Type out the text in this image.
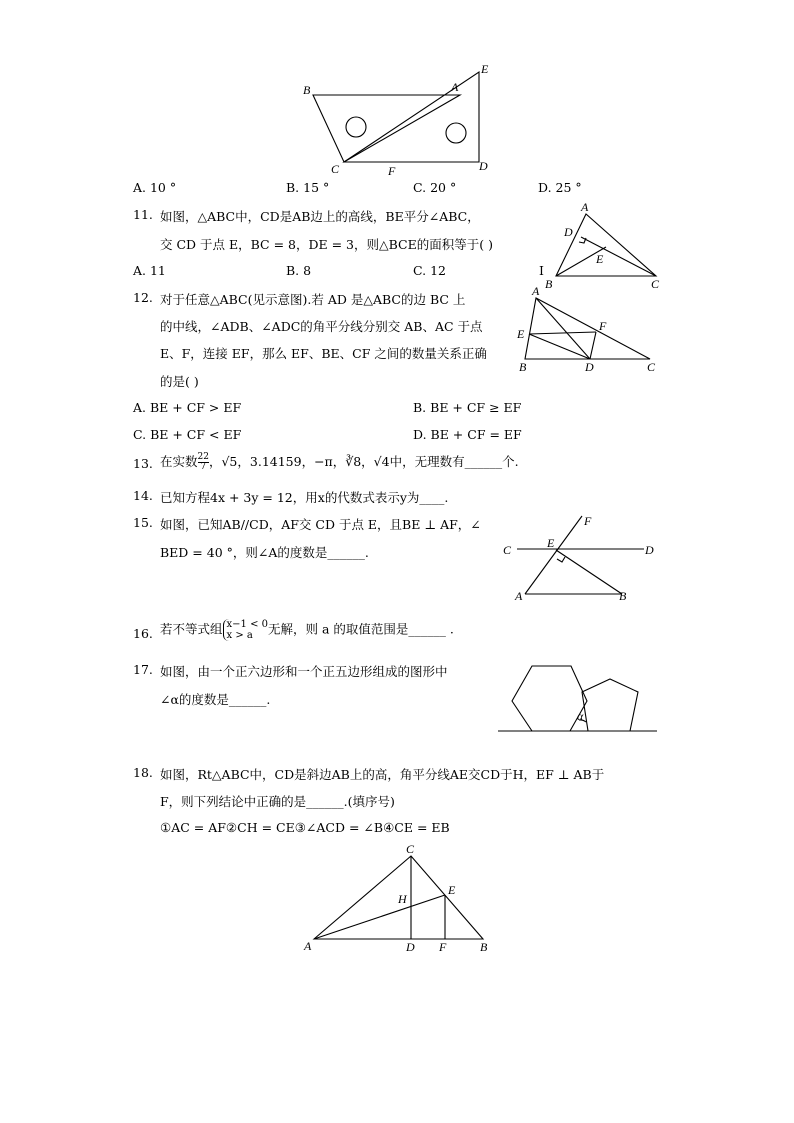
B	A
E
C	F	D
A. 10 °	B. 15 °	C. 20 °	D. 25 °
11. 如图，△ABC中，CD是AB边上的高线，BE平分∠ABC，
交 CD 于点 E，BC = 8，DE = 3，则△BCE的面积等于( )
A. 11	B. 8	C. 12	I
A
D
E
B	C
12. 对于任意△ABC(见示意图).若 AD 是△ABC的边 BC 上
的中线，∠ADB、∠ADC的角平分线分别交 AB、AC 于点
E、F，连接 EF，那么 EF、BE、CF 之间的数量关系正确
的是( )
A. BE + CF > EF	B. BE + CF ≥ EF
C. BE + CF < EF	D. BE + CF = EF
A
E
F
B	D	C
13. 在实数 $\frac{22}{7}$ ，√5，3.14159，−π，∛8，√4中，无理数有______个.
14. 已知方程4x + 3y = 12，用x的代数式表示y为____.
15. 如图，已知AB//CD，AF交 CD 于点 E，且BE ⊥ AF，∠
BED = 40 °，则∠A的度数是______.
F
C	E	D
A	B
16. 若不等式组 x−1 < 0
x > a	无解，则 a 的取值范围是______ .
17. 如图，由一个正六边形和一个正五边形组成的图形中
∠α的度数是______.
α
18. 如图，Rt△ABC中，CD是斜边AB上的高，角平分线AE交CD于H，EF ⊥ AB于
F，则下列结论中正确的是______.(填序号)
①AC = AF②CH = CE③∠ACD = ∠B④CE = EB
C
H
E
A	D F	B
